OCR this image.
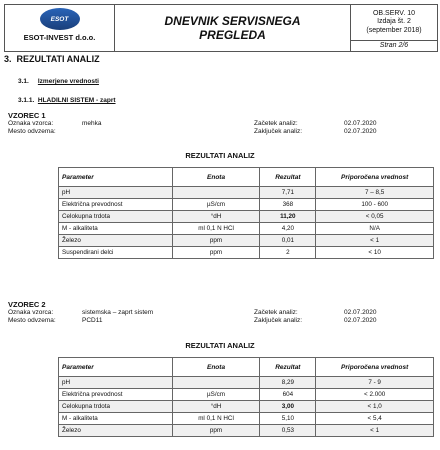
ESOT
ESOT-INVEST d.o.o.
DNEVNIK SERVISNEGA
PREGLEDA
OB.SERV. 10
Izdaja št. 2
(september 2018)
Stran 2/6
3. REZULTATI ANALIZ
3.1. Izmerjene vrednosti
3.1.1. HLADILNI SISTEM - zaprt
VZOREC 1
Oznaka vzorca:	mehka
Mesto odvzema:
Začetek analiz:	02.07.2020
Zaključek analiz:	02.07.2020
REZULTATI ANALIZ
Parameter	Enota	Rezultat	Priporočena vrednost
pH		7,71	7 – 8,5
Električna prevodnost	µS/cm	368	100 - 600
Celokupna trdota	°dH	11,20	< 0,05
M - alkaliteta	ml 0,1 N HCl	4,20	N/A
Železo	ppm	0,01	< 1
Suspendirani delci	ppm	2	< 10
VZOREC 2
Oznaka vzorca:	sistemska – zaprt sistem
Mesto odvzema:	PCD11
Začetek analiz:	02.07.2020
Zaključek analiz:	02.07.2020
REZULTATI ANALIZ
Parameter	Enota	Rezultat	Priporočena vrednost
pH		8,29	7 - 9
Električna prevodnost	µS/cm	604	< 2.000
Celokupna trdota	°dH	3,00	< 1,0
M - alkaliteta	ml 0,1 N HCl	5,10	< 5,4
Železo	ppm	0,53	< 1
